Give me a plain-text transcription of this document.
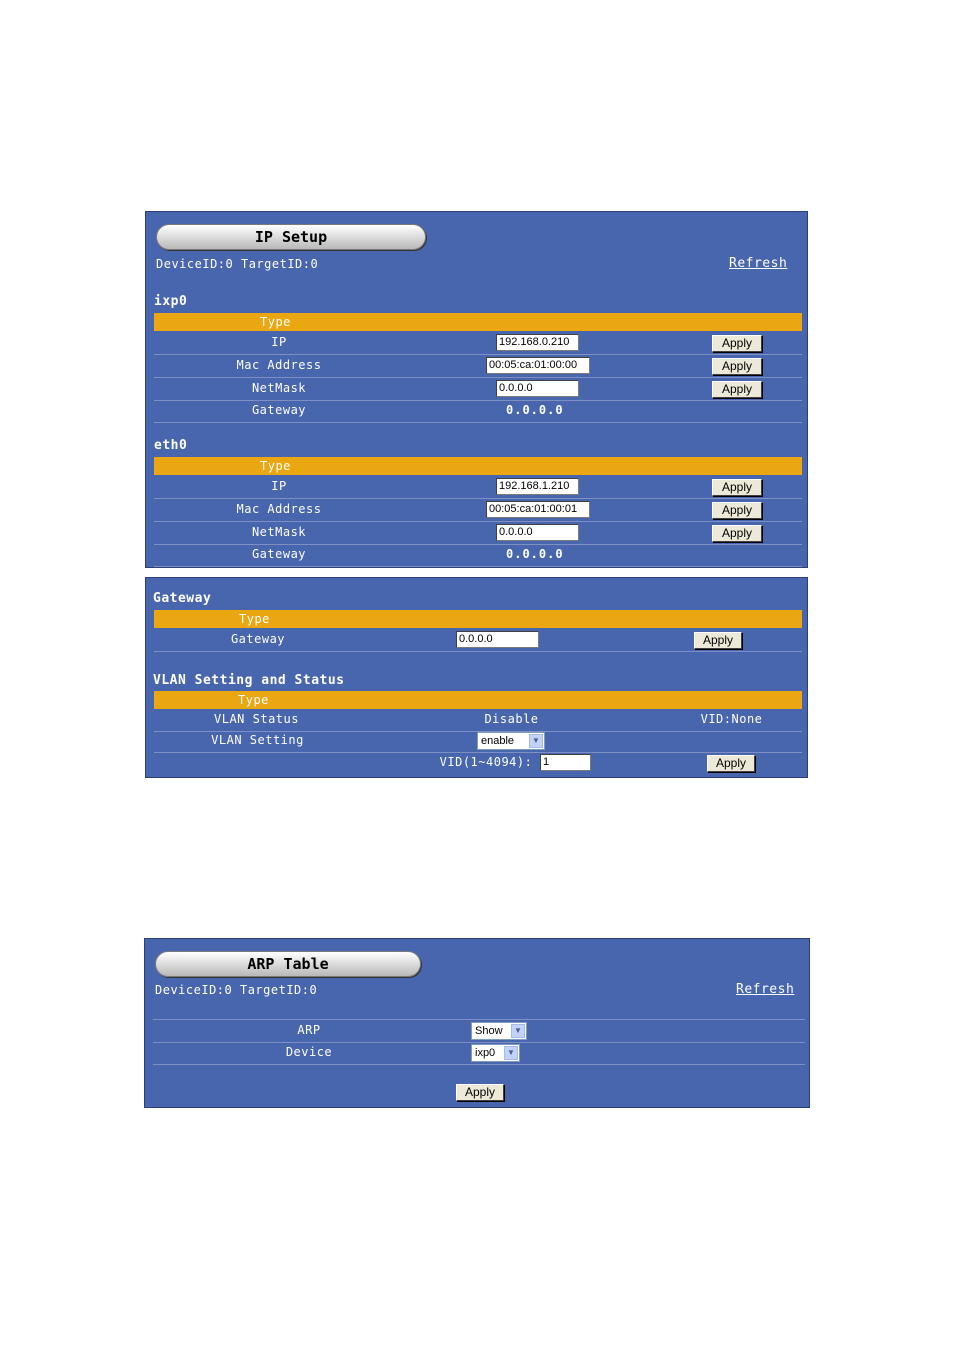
IP Setup
DeviceID:0 TargetID:0	Refresh
ixp0
Type
IP	192.168.0.210	Apply
Mac Address	00:05:ca:01:00:00	Apply
NetMask	0.0.0.0	Apply
Gateway	0.0.0.0
eth0
Type
IP	192.168.1.210	Apply
Mac Address	00:05:ca:01:00:01	Apply
NetMask	0.0.0.0	Apply
Gateway	0.0.0.0
Gateway
Type
Gateway	0.0.0.0	Apply
VLAN Setting and Status
Type
VLAN Status	Disable	VID:None
VLAN Setting	enable	▼
VID(1~4094): 1	Apply
ARP Table
DeviceID:0 TargetID:0	Refresh
ARP	Show	▼
Device	ixp0	▼
Apply
